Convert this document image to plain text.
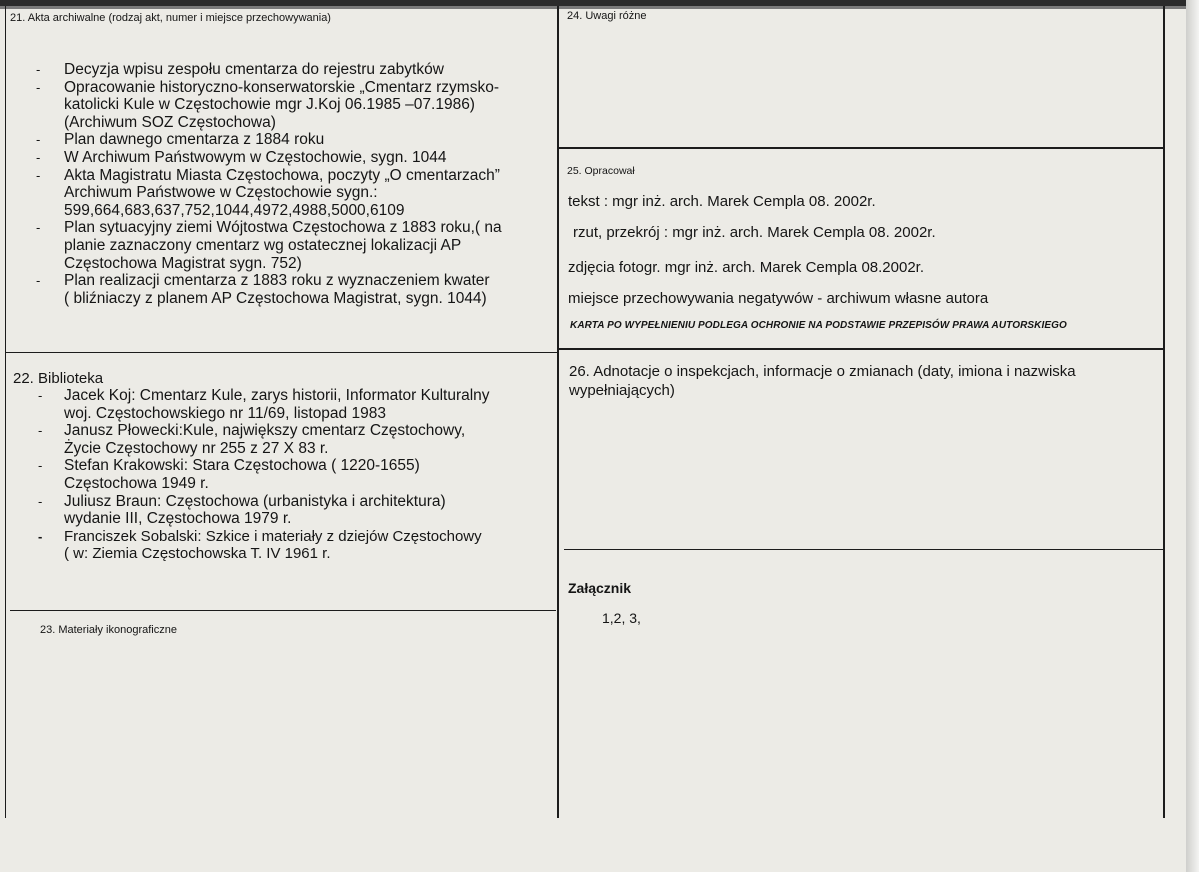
21. Akta archiwalne (rodzaj akt, numer i miejsce przechowywania)
- Decyzja wpisu zespołu cmentarza do rejestru zabytków
- Opracowanie historyczno-konserwatorskie „Cmentarz rzymsko-
katolicki Kule w Częstochowie mgr J.Koj 06.1985 –07.1986)
(Archiwum SOZ Częstochowa)
- Plan dawnego cmentarza z 1884 roku
- W Archiwum Państwowym w Częstochowie, sygn. 1044
- Akta Magistratu Miasta Częstochowa, poczyty „O cmentarzach”
Archiwum Państwowe w Częstochowie sygn.:
599,664,683,637,752,1044,4972,4988,5000,6109
- Plan sytuacyjny ziemi Wójtostwa Częstochowa z 1883 roku,( na
planie zaznaczony cmentarz wg ostatecznej lokalizacji AP
Częstochowa Magistrat sygn. 752)
- Plan realizacji cmentarza z 1883 roku z wyznaczeniem kwater
( bliźniaczy z planem AP Częstochowa Magistrat, sygn. 1044)
22. Biblioteka
- Jacek Koj: Cmentarz Kule, zarys historii, Informator Kulturalny
woj. Częstochowskiego nr 11/69, listopad 1983
- Janusz Płowecki:Kule, największy cmentarz Częstochowy,
Życie Częstochowy nr 255 z 27 X 83 r.
- Stefan Krakowski: Stara Częstochowa ( 1220-1655)
Częstochowa 1949 r.
- Juliusz Braun: Częstochowa (urbanistyka i architektura)
wydanie III, Częstochowa 1979 r.
- Franciszek Sobalski: Szkice i materiały z dziejów Częstochowy
( w: Ziemia Częstochowska T. IV 1961 r.
23. Materiały ikonograficzne
24. Uwagi różne
25. Opracował
tekst : mgr inż. arch. Marek Cempla 08. 2002r.
rzut, przekrój : mgr inż. arch. Marek Cempla 08. 2002r.
zdjęcia fotogr. mgr inż. arch. Marek Cempla 08.2002r.
miejsce przechowywania negatywów - archiwum własne autora
KARTA PO WYPEŁNIENIU PODLEGA OCHRONIE NA PODSTAWIE PRZEPISÓW PRAWA AUTORSKIEGO
26. Adnotacje o inspekcjach, informacje o zmianach (daty, imiona i nazwiska
wypełniających)
Załącznik
1,2, 3,
